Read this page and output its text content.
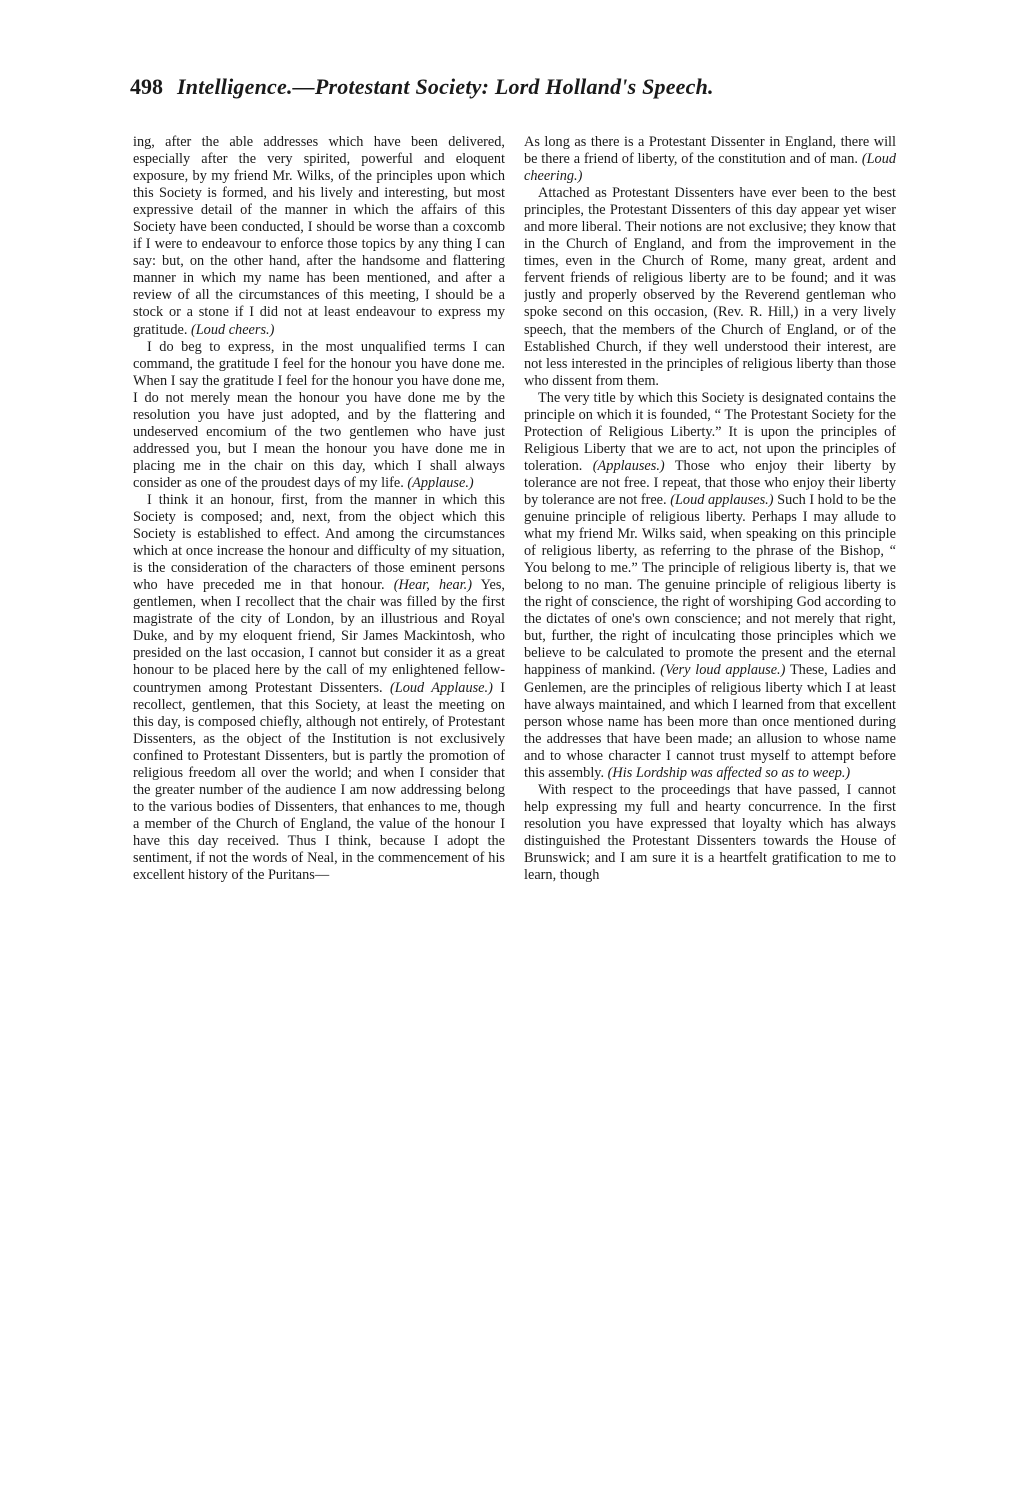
498 Intelligence.—Protestant Society: Lord Holland's Speech.

ing, after the able addresses which have been delivered, especially after the very spirited, powerful and eloquent exposure, by my friend Mr. Wilks, of the principles upon which this Society is formed, and his lively and interesting, but most expressive detail of the manner in which the affairs of this Society have been conducted, I should be worse than a coxcomb if I were to endeavour to enforce those topics by any thing I can say: but, on the other hand, after the handsome and flattering manner in which my name has been mentioned, and after a review of all the circumstances of this meeting, I should be a stock or a stone if I did not at least endeavour to express my gratitude. (Loud cheers.)

I do beg to express, in the most unqualified terms I can command, the gratitude I feel for the honour you have done me. When I say the gratitude I feel for the honour you have done me, I do not merely mean the honour you have done me by the resolution you have just adopted, and by the flattering and undeserved encomium of the two gentlemen who have just addressed you, but I mean the honour you have done me in placing me in the chair on this day, which I shall always consider as one of the proudest days of my life. (Applause.)

I think it an honour, first, from the manner in which this Society is composed; and, next, from the object which this Society is established to effect. And among the circumstances which at once increase the honour and difficulty of my situation, is the consideration of the characters of those eminent persons who have preceded me in that honour. (Hear, hear.) Yes, gentlemen, when I recollect that the chair was filled by the first magistrate of the city of London, by an illustrious and Royal Duke, and by my eloquent friend, Sir James Mackintosh, who presided on the last occasion, I cannot but consider it as a great honour to be placed here by the call of my enlightened fellow-countrymen among Protestant Dissenters. (Loud Applause.) I recollect, gentlemen, that this Society, at least the meeting on this day, is composed chiefly, although not entirely, of Protestant Dissenters, as the object of the Institution is not exclusively confined to Protestant Dissenters, but is partly the promotion of religious freedom all over the world; and when I consider that the greater number of the audience I am now addressing belong to the various bodies of Dissenters, that enhances to me, though a member of the Church of England, the value of the honour I have this day received. Thus I think, because I adopt the sentiment, if not the words of Neal, in the commencement of his excellent history of the Puritans—

As long as there is a Protestant Dissenter in England, there will be there a friend of liberty, of the constitution and of man. (Loud cheering.)

Attached as Protestant Dissenters have ever been to the best principles, the Protestant Dissenters of this day appear yet wiser and more liberal. Their notions are not exclusive; they know that in the Church of England, and from the improvement in the times, even in the Church of Rome, many great, ardent and fervent friends of religious liberty are to be found; and it was justly and properly observed by the Reverend gentleman who spoke second on this occasion, (Rev. R. Hill,) in a very lively speech, that the members of the Church of England, or of the Established Church, if they well understood their interest, are not less interested in the principles of religious liberty than those who dissent from them.

The very title by which this Society is designated contains the principle on which it is founded, “ The Protestant Society for the Protection of Religious Liberty.” It is upon the principles of Religious Liberty that we are to act, not upon the principles of toleration. (Applauses.) Those who enjoy their liberty by tolerance are not free. I repeat, that those who enjoy their liberty by tolerance are not free. (Loud applauses.) Such I hold to be the genuine principle of religious liberty. Perhaps I may allude to what my friend Mr. Wilks said, when speaking on this principle of religious liberty, as referring to the phrase of the Bishop, “ You belong to me.” The principle of religious liberty is, that we belong to no man. The genuine principle of religious liberty is the right of conscience, the right of worshiping God according to the dictates of one's own conscience; and not merely that right, but, further, the right of inculcating those principles which we believe to be calculated to promote the present and the eternal happiness of mankind. (Very loud applause.) These, Ladies and Genlemen, are the principles of religious liberty which I at least have always maintained, and which I learned from that excellent person whose name has been more than once mentioned during the addresses that have been made; an allusion to whose name and to whose character I cannot trust myself to attempt before this assembly. (His Lordship was affected so as to weep.)

With respect to the proceedings that have passed, I cannot help expressing my full and hearty concurrence. In the first resolution you have expressed that loyalty which has always distinguished the Protestant Dissenters towards the House of Brunswick; and I am sure it is a heartfelt gratification to me to learn, though
